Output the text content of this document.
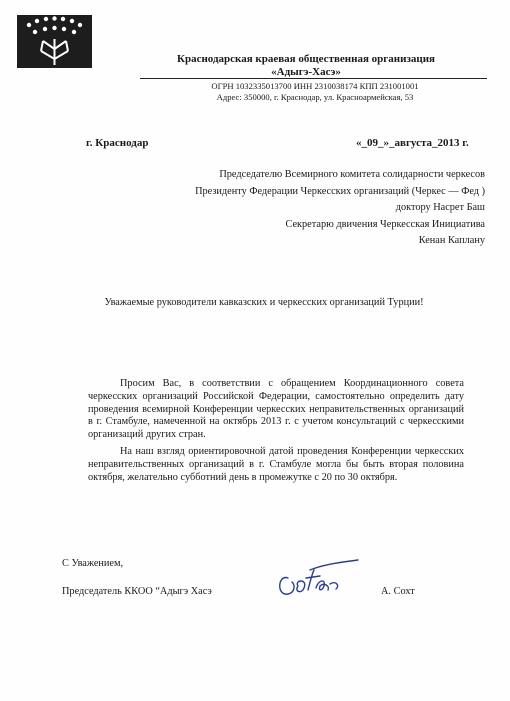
Краснодарская краевая общественная организация
«Адыгэ-Хасэ»
ОГРН 1032335013700 ИНН 2310038174 КПП 231001001
Адрес: 350000, г. Краснодар, ул. Красноармейская, 53
г. Краснодар	«_09_»_августа_2013 г.
Председателю Всемирного комитета солидарности черкесов
Президенту Федерации Черкесских организаций (Черкес — Фед )
доктору Насрет Баш
Секретарю двичения Черкесская Инициатива
Кенан Каплану
Уважаемые руководители кавказских и черкесских организаций Турции!

Просим Вас, в соответствии с обращением Координационного совета черкесских организаций Российской Федерации, самостоятельно определить дату проведения всемирной Конференции черкесских неправительственных организаций в г. Стамбуле, намеченной на октябрь 2013 г. с учетом консультаций с черкесскими организаций других стран.

На наш взгляд ориентировочной датой проведения Конференции черкесских неправительственных организаций в г. Стамбуле могла бы быть вторая половина октября, желательно субботний день в промежутке с 20 по 30 октября.

С Уважением,
Председатель ККОО “Адыгэ Хасэ	А. Сохт
